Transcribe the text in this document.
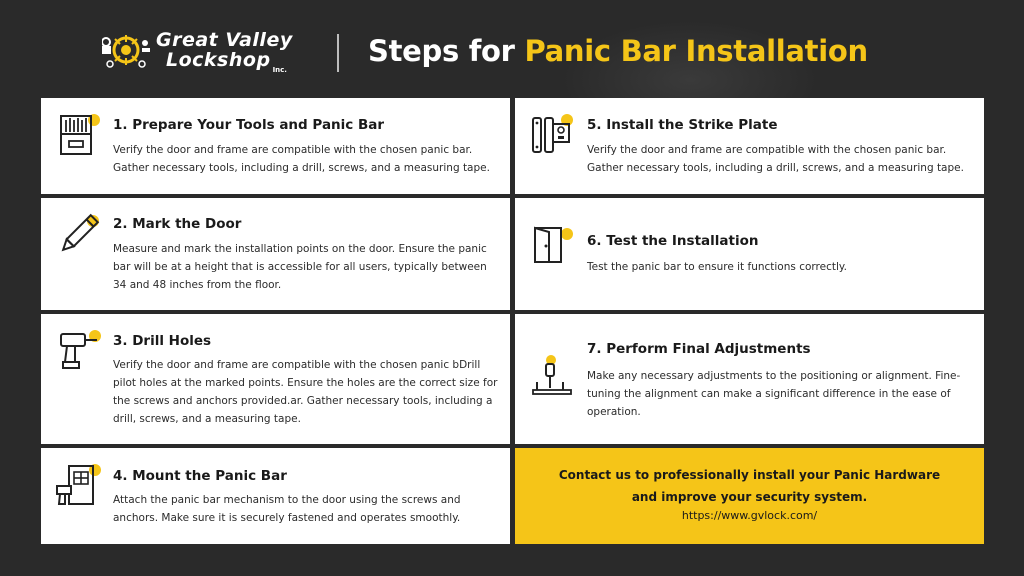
Great Valley
Lockshop $_{Inc.}$
Steps for Panic Bar Installation
1. Prepare Your Tools and Panic Bar

Verify the door and frame are compatible with the chosen panic bar. Gather necessary tools, including a drill, screws, and a measuring tape.

2. Mark the Door

Measure and mark the installation points on the door. Ensure the panic bar will be at a height that is accessible for all users, typically between 34 and 48 inches from the floor.

3. Drill Holes

Verify the door and frame are compatible with the chosen panic bDrill pilot holes at the marked points. Ensure the holes are the correct size for the screws and anchors provided.ar. Gather necessary tools, including a drill, screws, and a measuring tape.

4. Mount the Panic Bar

Attach the panic bar mechanism to the door using the screws and anchors. Make sure it is securely fastened and operates smoothly.

5. Install the Strike Plate

Verify the door and frame are compatible with the chosen panic bar. Gather necessary tools, including a drill, screws, and a measuring tape.

6. Test the Installation

Test the panic bar to ensure it functions correctly.

7. Perform Final Adjustments

Make any necessary adjustments to the positioning or alignment. Fine-tuning the alignment can make a significant difference in the ease of operation.

Contact us to professionally install your Panic Hardware and improve your security system.
https://www.gvlock.com/
